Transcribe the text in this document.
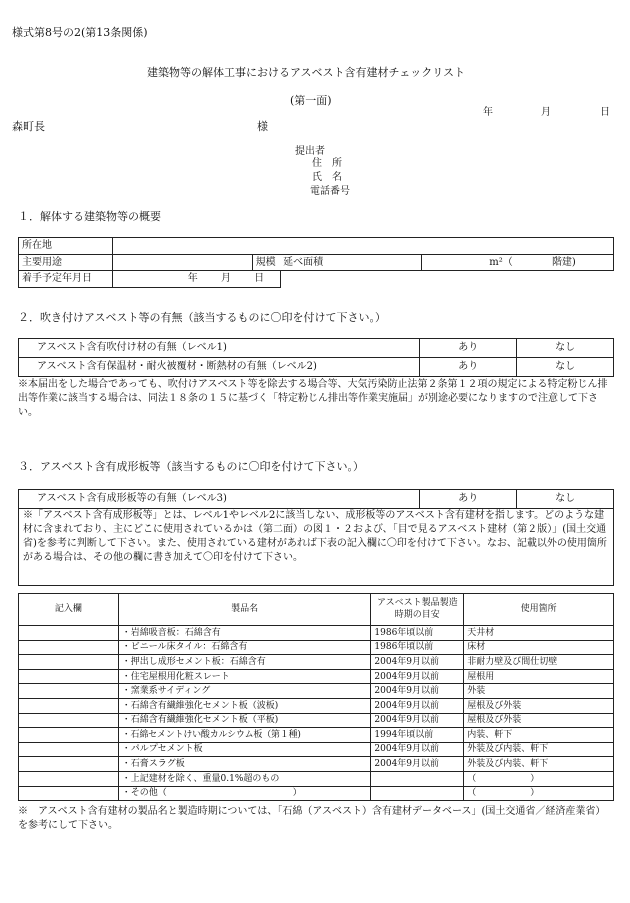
様式第8号の2(第13条関係)
建築物等の解体工事におけるアスベスト含有建材チェックリスト
(第一面)
年	月	日
森町長	様
提出者
住　所
氏　名
電話番号
１．解体する建築物等の概要
所在地				
主要用途		規模	延べ面積	m²（ 階建)
着手予定年月日	年 月 日			
２．吹き付けアスベスト等の有無（該当するものに〇印を付けて下さい。）
アスベスト含有吹付け材の有無（レベル1)	あり	なし
アスベスト含有保温材・耐火被覆材・断熱材の有無（レベル2)	あり	なし
※本届出をした場合であっても、吹付けアスベスト等を除去する場合等、大気汚染防止法第２条第１２項の規定による特定粉じん排出等作業に該当する場合は、同法１８条の１５に基づく「特定粉じん排出等作業実施届」が別途必要になりますので注意して下さい。
３．アスベスト含有成形板等（該当するものに〇印を付けて下さい。）
アスベスト含有成形板等の有無（レベル3)	あり	なし
※「アスベスト含有成形板等」とは、レベル1やレベル2に該当しない、成形板等のアスベスト含有建材を指します。どのような建材に含まれており、主にどこに使用されているかは（第二面）の図１・２および、「目で見るアスベスト建材（第２版）」(国土交通省)を参考に判断して下さい。また、使用されている建材があれば下表の記入欄に〇印を付けて下さい。なお、記載以外の使用箇所がある場合は、その他の欄に書き加えて〇印を付けて下さい。
記入欄	製品名	アスベスト製品製造時期の目安	使用箇所
	・岩綿吸音板：石綿含有	1986年頃以前	天井材
	・ビニール床タイル：石綿含有	1986年頃以前	床材
	・押出し成形セメント板：石綿含有	2004年9月以前	非耐力壁及び間仕切壁
	・住宅屋根用化粧スレート	2004年9月以前	屋根用
	・窯業系サイディング	2004年9月以前	外装
	・石綿含有繊維強化セメント板（波板)	2004年9月以前	屋根及び外装
	・石綿含有繊維強化セメント板（平板)	2004年9月以前	屋根及び外装
	・石綿セメントけい酸カルシウム板（第１種)	1994年頃以前	内装、軒下
	・パルプセメント板	2004年9月以前	外装及び内装、軒下
	・石膏スラグ板	2004年9月以前	外装及び内装、軒下
	・上記建材を除く、重量0.1%超のもの		（　　　　　　）
	・その他（　　　　　　　　　　　　　　）		（　　　　　　）
※　アスベスト含有建材の製品名と製造時期については、「石綿（アスベスト）含有建材データベース」(国土交通省／経済産業省）を参考にして下さい。
